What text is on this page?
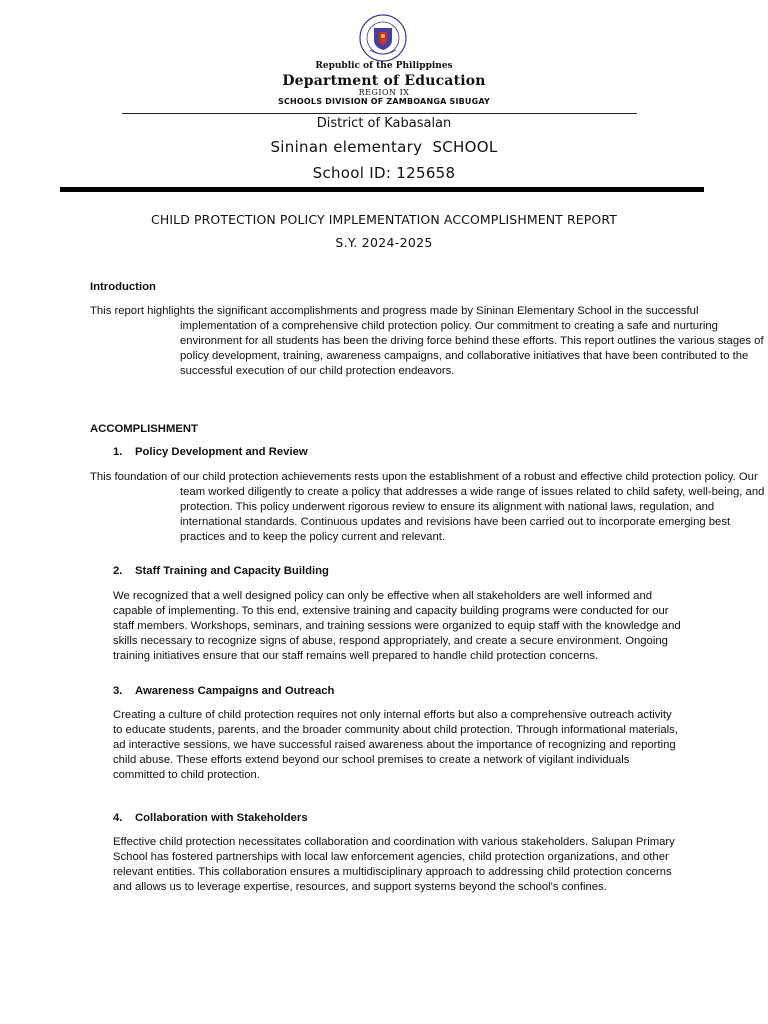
Republic of the Philippines
Department of Education
REGION IX
SCHOOLS DIVISION OF ZAMBOANGA SIBUGAY
District of Kabasalan
Sininan elementary  SCHOOL
School ID: 125658
CHILD PROTECTION POLICY IMPLEMENTATION ACCOMPLISHMENT REPORT
S.Y. 2024-2025
Introduction

This report highlights the significant accomplishments and progress made by Sininan Elementary School in the successful implementation of a comprehensive child protection policy. Our commitment to creating a safe and nurturing environment for all students has been the driving force behind these efforts. This report outlines the various stages of policy development, training, awareness campaigns, and collaborative initiatives that have been contributed to the successful execution of our child protection endeavors.

ACCOMPLISHMENT
1. Policy Development and Review

This foundation of our child protection achievements rests upon the establishment of a robust and effective child protection policy. Our team worked diligently to create a policy that addresses a wide range of issues related to child safety, well-being, and protection. This policy underwent rigorous review to ensure its alignment with national laws, regulation, and international standards. Continuous updates and revisions have been carried out to incorporate emerging best practices and to keep the policy current and relevant.

2. Staff Training and Capacity Building

We recognized that a well designed policy can only be effective when all stakeholders are well informed and capable of implementing. To this end, extensive training and capacity building programs were conducted for our staff members. Workshops, seminars, and training sessions were organized to equip staff with the knowledge and skills necessary to recognize signs of abuse, respond appropriately, and create a secure environment. Ongoing training initiatives ensure that our staff remains well prepared to handle child protection concerns.

3. Awareness Campaigns and Outreach

Creating a culture of child protection requires not only internal efforts but also a comprehensive outreach activity to educate students, parents, and the broader community about child protection. Through informational materials, ad interactive sessions, we have successful raised awareness about the importance of recognizing and reporting child abuse. These efforts extend beyond our school premises to create a network of vigilant individuals committed to child protection.

4. Collaboration with Stakeholders

Effective child protection necessitates collaboration and coordination with various stakeholders. Salupan Primary School has fostered partnerships with local law enforcement agencies, child protection organizations, and other relevant entities. This collaboration ensures a multidisciplinary approach to addressing child protection concerns and allows us to leverage expertise, resources, and support systems beyond the school's confines.
